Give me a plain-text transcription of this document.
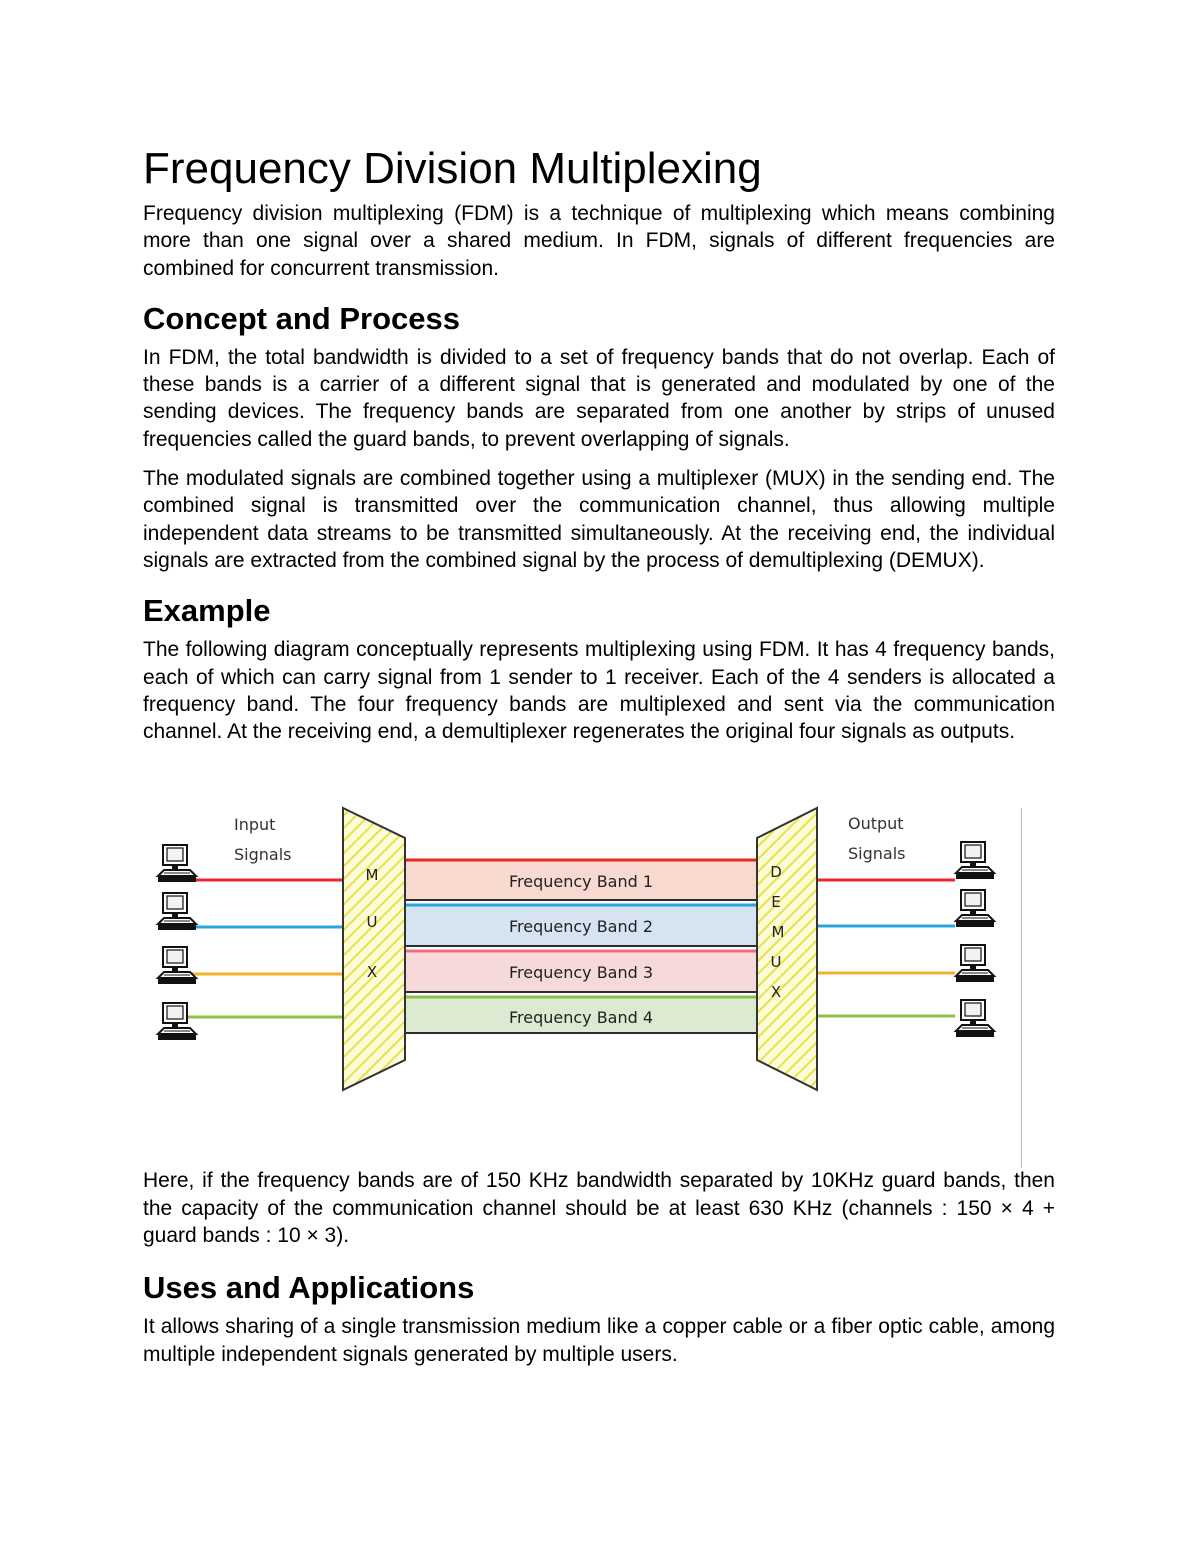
Frequency Division Multiplexing

Frequency division multiplexing (FDM) is a technique of multiplexing which means combining more than one signal over a shared medium. In FDM, signals of different frequencies are combined for concurrent transmission.

Concept and Process

In FDM, the total bandwidth is divided to a set of frequency bands that do not overlap. Each of these bands is a carrier of a different signal that is generated and modulated by one of the sending devices. The frequency bands are separated from one another by strips of unused frequencies called the guard bands, to prevent overlapping of signals.

The modulated signals are combined together using a multiplexer (MUX) in the sending end. The combined signal is transmitted over the communication channel, thus allowing multiple independent data streams to be transmitted simultaneously. At the receiving end, the individual signals are extracted from the combined signal by the process of demultiplexing (DEMUX).

Example

The following diagram conceptually represents multiplexing using FDM. It has 4 frequency bands, each of which can carry signal from 1 sender to 1 receiver. Each of the 4 senders is allocated a frequency band. The four frequency bands are multiplexed and sent via the communication channel. At the receiving end, a demultiplexer regenerates the original four signals as outputs.

Frequency Band 1
Frequency Band 2
Frequency Band 3
Frequency Band 4
M
U
X
D
E
M
U
X
Input
Signals
Output
Signals

Here, if the frequency bands are of 150 KHz bandwidth separated by 10KHz guard bands, then the capacity of the communication channel should be at least 630 KHz (channels : 150 × 4 + guard bands : 10 × 3).

Uses and Applications

It allows sharing of a single transmission medium like a copper cable or a fiber optic cable, among multiple independent signals generated by multiple users.
